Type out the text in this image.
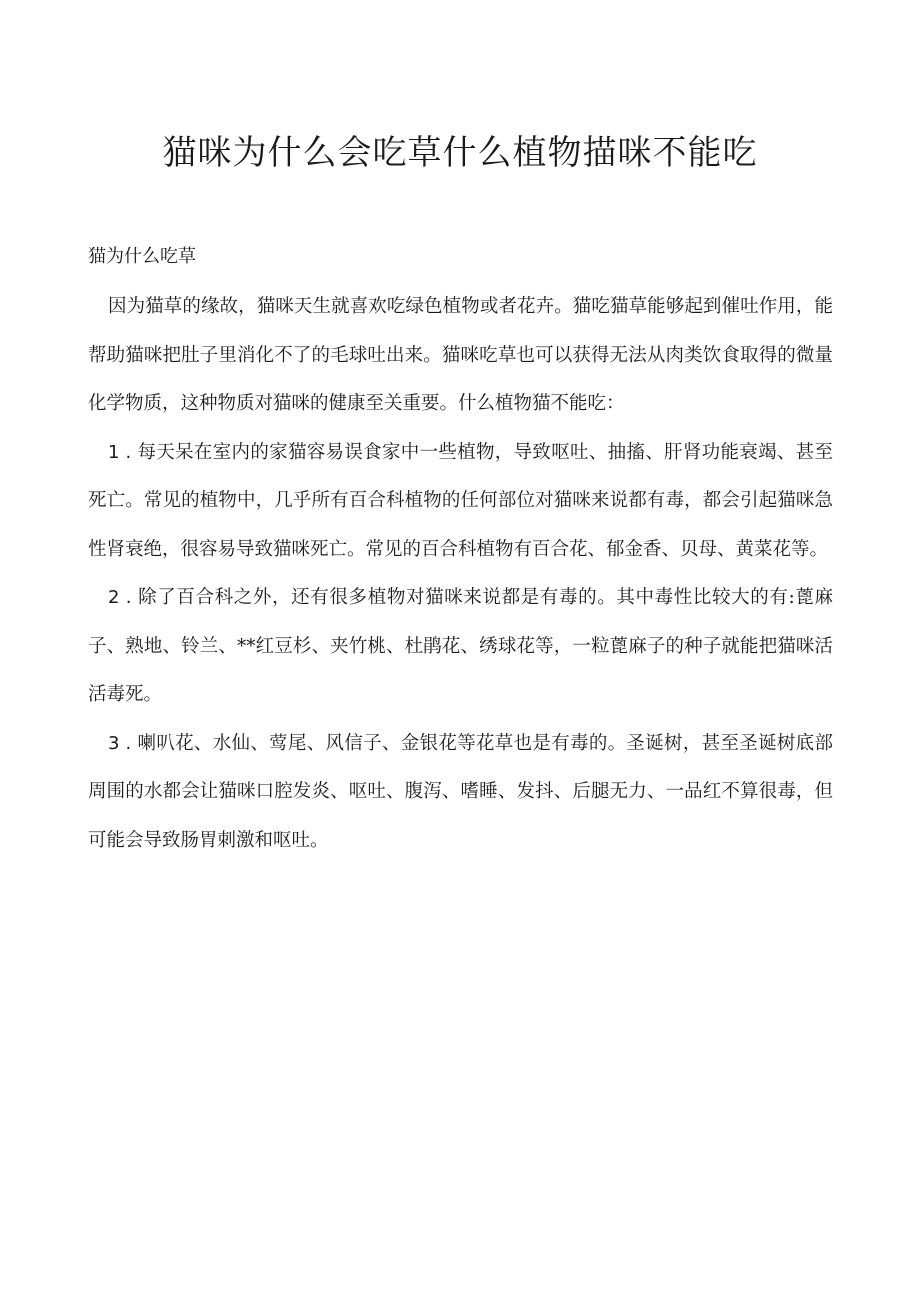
猫咪为什么会吃草什么植物描咪不能吃
猫为什么吃草

因为猫草的缘故，猫咪天生就喜欢吃绿色植物或者花卉。猫吃猫草能够起到催吐作用，能帮助猫咪把肚子里消化不了的毛球吐出来。猫咪吃草也可以获得无法从肉类饮食取得的微量化学物质，这种物质对猫咪的健康至关重要。什么植物猫不能吃：

1 . 每天呆在室内的家猫容易误食家中一些植物，导致呕吐、抽搐、肝肾功能衰竭、甚至死亡。常见的植物中，几乎所有百合科植物的任何部位对猫咪来说都有毒，都会引起猫咪急性肾衰绝，很容易导致猫咪死亡。常见的百合科植物有百合花、郁金香、贝母、黄菜花等。

2 . 除了百合科之外，还有很多植物对猫咪来说都是有毒的。其中毒性比较大的有:蓖麻子、熟地、铃兰、**红豆杉、夹竹桃、杜鹃花、绣球花等，一粒蓖麻子的种子就能把猫咪活活毒死。

3 . 喇叭花、水仙、莺尾、风信子、金银花等花草也是有毒的。圣诞树，甚至圣诞树底部周围的水都会让猫咪口腔发炎、呕吐、腹泻、嗜睡、发抖、后腿无力、一品红不算很毒，但可能会导致肠胃刺激和呕吐。
